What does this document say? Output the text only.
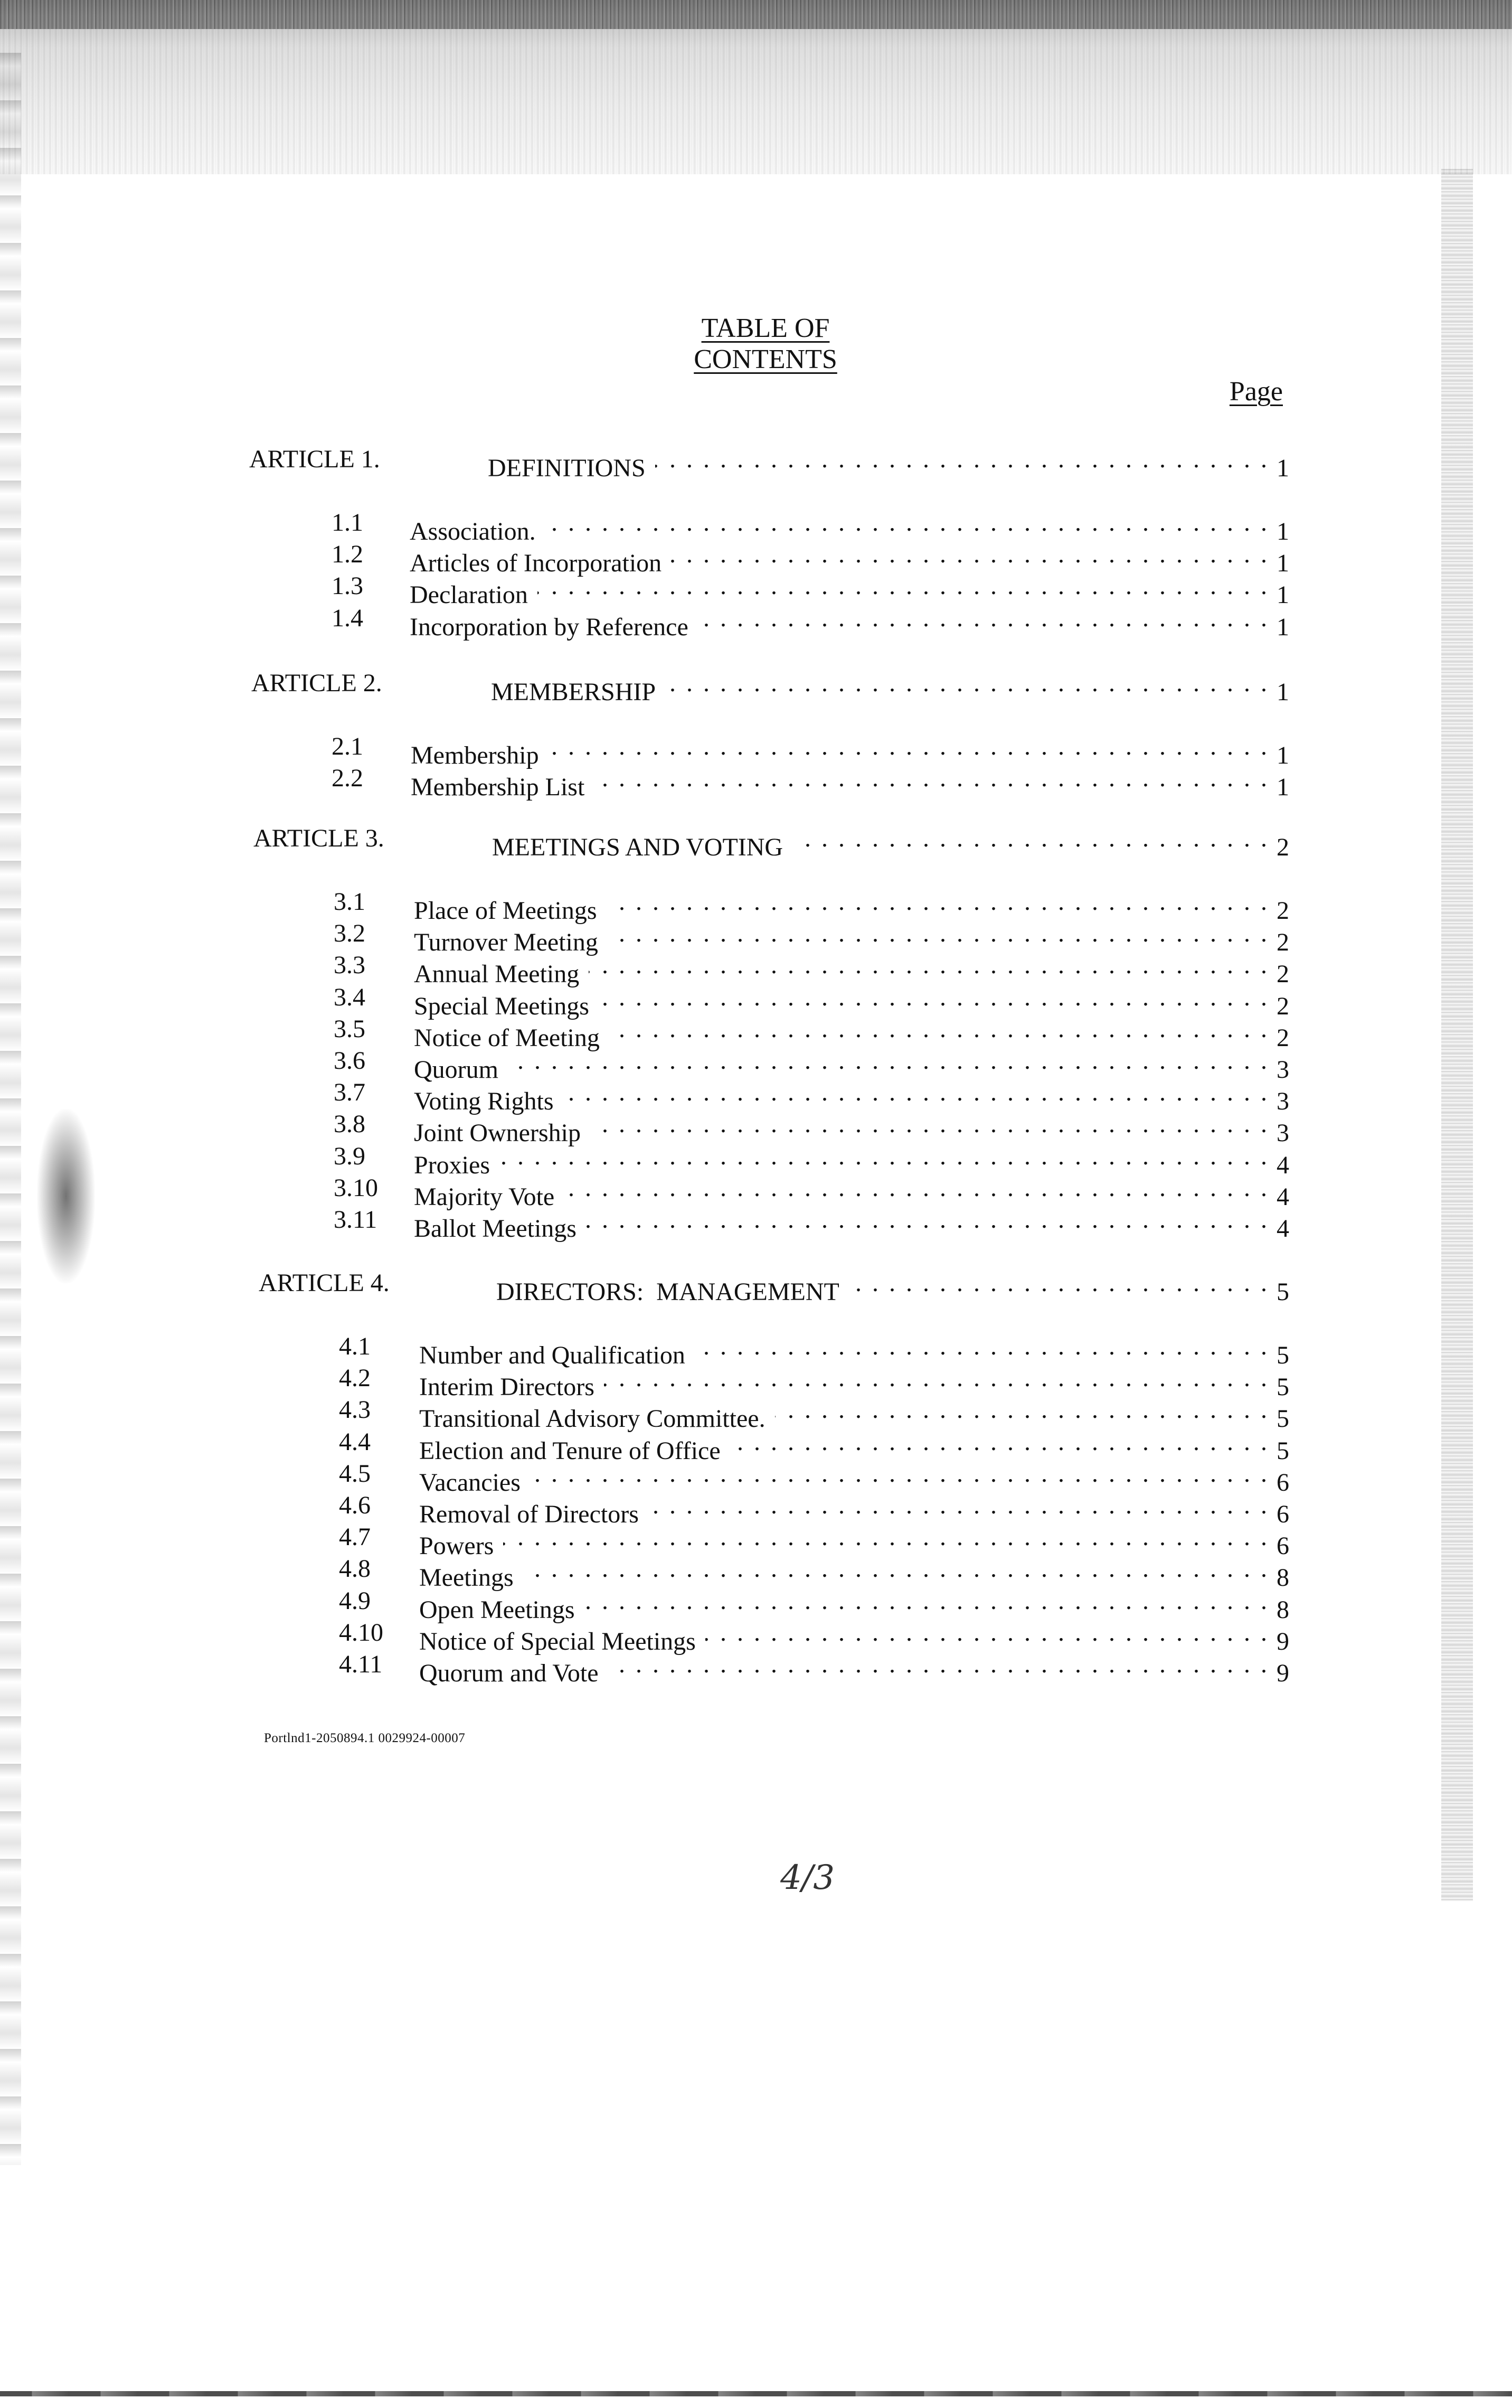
TABLE OF CONTENTS
Page
ARTICLE 1.	DEFINITIONS . . .	1
1.1 Association. . . .	1
1.2 Articles of Incorporation . . .	1
1.3 Declaration . . .	1
1.4 Incorporation by Reference . . .	1
ARTICLE 2.	MEMBERSHIP . . .	1
2.1 Membership . . .	1
2.2 Membership List . . .	1
ARTICLE 3.	MEETINGS AND VOTING . . .	2
3.1 Place of Meetings . . .	2
3.2 Turnover Meeting . . .	2
3.3 Annual Meeting . . .	2
3.4 Special Meetings . . .	2
3.5 Notice of Meeting . . .	2
3.6 Quorum . . .	3
3.7 Voting Rights . . .	3
3.8 Joint Ownership . . .	3
3.9 Proxies . . .	4
3.10 Majority Vote . . .	4
3.11 Ballot Meetings . . .	4
ARTICLE 4.	DIRECTORS:  MANAGEMENT . . .	5
4.1 Number and Qualification . . .	5
4.2 Interim Directors . . .	5
4.3 Transitional Advisory Committee. . . .	5
4.4 Election and Tenure of Office . . .	5
4.5 Vacancies . . .	6
4.6 Removal of Directors . . .	6
4.7 Powers . . .	6
4.8 Meetings . . .	8
4.9 Open Meetings . . .	8
4.10 Notice of Special Meetings . . .	9
4.11 Quorum and Vote . . .	9
Portlnd1-2050894.1 0029924-00007
4/3
